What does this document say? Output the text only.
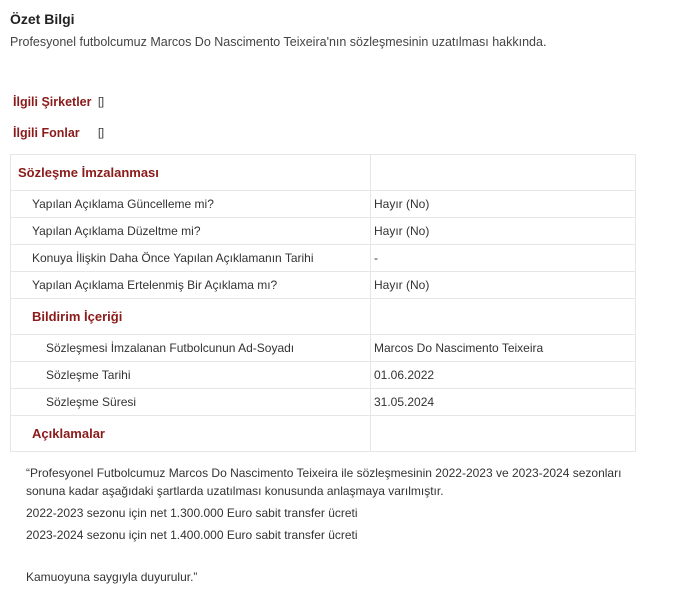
Özet Bilgi
Profesyonel futbolcumuz Marcos Do Nascimento Teixeira'nın sözleşmesinin uzatılması hakkında.
İlgili Şirketler []
İlgili Fonlar []
Sözleşme İmzalanması	
Yapılan Açıklama Güncelleme mi?	Hayır (No)
Yapılan Açıklama Düzeltme mi?	Hayır (No)
Konuya İlişkin Daha Önce Yapılan Açıklamanın Tarihi	-
Yapılan Açıklama Ertelenmiş Bir Açıklama mı?	Hayır (No)
Bildirim İçeriği	
Sözleşmesi İmzalanan Futbolcunun Ad-Soyadı	Marcos Do Nascimento Teixeira
Sözleşme Tarihi	01.06.2022
Sözleşme Süresi	31.05.2024
Açıklamalar	

“Profesyonel Futbolcumuz Marcos Do Nascimento Teixeira ile sözleşmesinin 2022-2023 ve 2023-2024 sezonları

sonuna kadar aşağıdaki şartlarda uzatılması konusunda anlaşmaya varılmıştır.

2022-2023 sezonu için net 1.300.000 Euro sabit transfer ücreti

2023-2024 sezonu için net 1.400.000 Euro sabit transfer ücreti

Kamuoyuna saygıyla duyurulur.”
